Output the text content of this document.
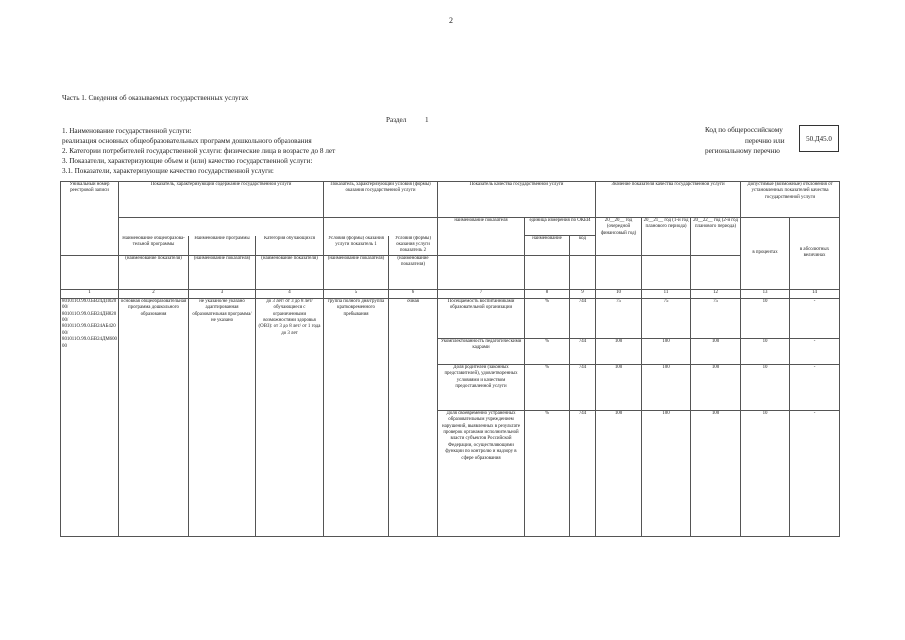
2
Часть 1. Сведения об оказываемых государственных услугах
Раздел	1
1. Наименование государственной услуги:
реализация основных общеобразовательных программ дошкольного образования
2. Категории потребителей государственной услуги: физические лица в возрасте до 8 лет
3. Показатели, характеризующие объем и (или) качество государственной услуги:
3.1. Показатели, характеризующие качество государственной услуги:
Код по общероссийскому
перечню или
региональному перечню
50.Д45.0
Уникальный номер реестровой записи	Показатель, характеризующий содержание государственной услуги			Показатель, характеризующий условия (формы) оказания государственной услуги		Показатель качества государственной услуги			Значение показателя качества государственной услуги			Допустимые (возможные) отклонения от установленных показателей качества государственной услуги	
						наименование показателя	единица измерения по ОКЕИ		20__20__ год (очередной финансовый год)	20__21__ год (1-й год планового периода)	20__22__ год (2-й год планового периода)	в процентах	в абсолютных величинах
	Наименование общеобразова-тельной программы	Наименование программы	Категория обучающихся	Условия (формы) оказания услуги показатель 1	Условия (формы) оказания услуги показатель 2		наименование	код					
	(наименование показателя)	(наименование показателя)	(наименование показателя)	(наименование показателя)	(наименование показателя)								
1	2	3	4	5	6	7	8	9	10	11	12	13	14
801011О.99.0.БВ24ДП02000/ 801011О.99.0.БВ24ДН82000/ 801011О.99.0.БВ24АБ42000/ 801011О.99.0.БВ24ДМ60000	основная общеобразовательная программа дошкольного образования	не указано/не указано адаптированная образовательная программа/не указано	до 3 лет/ от 3 до 8 лет/ обучающиеся с ограниченными возможностями здоровья (ОВЗ): от 3 до 8 лет/ от 1 года до 3 лет	группа полного дня/группа кратковременного пребывания	очная	Посещаемость воспитанниками образовательной организации	%	744	75	75	75	10	-
						Укомплектованность педагогическими кадрами	%	744	100	100	100	10	-
						Доля родителей (законных представителей), удовлетворенных условиями и качеством предоставленной услуги	%	744	100	100	100	10	-
						Доля своевременно устраненных образовательным учреждением нарушений, выявленных в результате проверок органами исполнительной власти субъектов Российской Федерации, осуществляющими функции по контролю и надзору в сфере образования	%	744	100	100	100	10	-
